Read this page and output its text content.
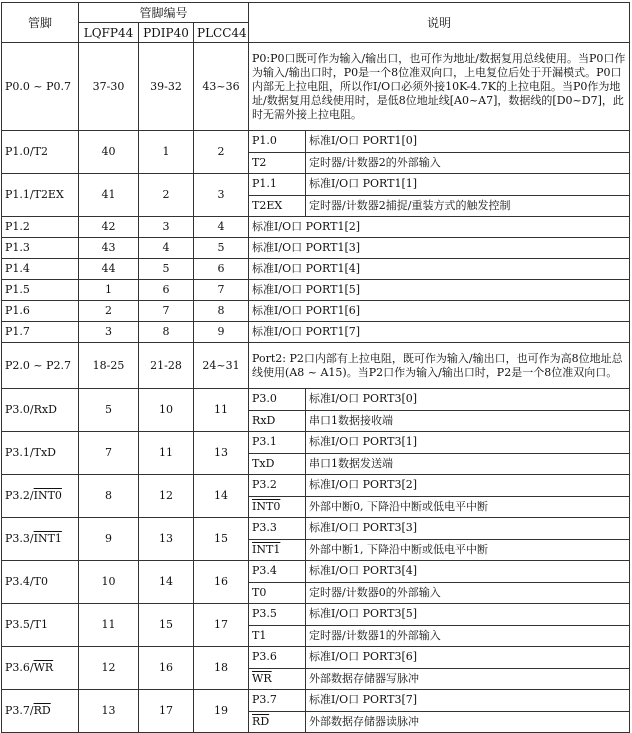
管脚	管脚编号			说明	
	LQFP44	PDIP40	PLCC44		
P0.0 ~ P0.7	37-30	39-32	43~36	P0:P0口既可作为输入/输出口，也可作为地址/数据复用总线使用。当P0口作为输入/输出口时，P0是一个8位准双向口，上电复位后处于开漏模式。P0口内部无上拉电阻，所以作I/O口必须外接10K-4.7K的上拉电阻。当P0作为地址/数据复用总线使用时，是低8位地址线[A0~A7]，数据线的[D0~D7]，此时无需外接上拉电阻。	
P1.0/T2	40	1	2	P1.0	标准I/O口 PORT1[0]
				T2	定时器/计数器2的外部输入
P1.1/T2EX	41	2	3	P1.1	标准I/O口 PORT1[1]
				T2EX	定时器/计数器2捕捉/重装方式的触发控制
P1.2	42	3	4	标准I/O口 PORT1[2]	
P1.3	43	4	5	标准I/O口 PORT1[3]	
P1.4	44	5	6	标准I/O口 PORT1[4]	
P1.5	1	6	7	标准I/O口 PORT1[5]	
P1.6	2	7	8	标准I/O口 PORT1[6]	
P1.7	3	8	9	标准I/O口 PORT1[7]	
P2.0 ~ P2.7	18-25	21-28	24~31	Port2: P2口内部有上拉电阻，既可作为输入/输出口，也可作为高8位地址总线使用(A8 ~ A15)。当P2口作为输入/输出口时，P2是一个8位准双向口。	
P3.0/RxD	5	10	11	P3.0	标准I/O口 PORT3[0]
				RxD	串口1数据接收端
P3.1/TxD	7	11	13	P3.1	标准I/O口 PORT3[1]
				TxD	串口1数据发送端
P3.2/INT0	8	12	14	P3.2	标准I/O口 PORT3[2]
				INT0	外部中断0, 下降沿中断或低电平中断
P3.3/INT1	9	13	15	P3.3	标准I/O口 PORT3[3]
				INT1	外部中断1, 下降沿中断或低电平中断
P3.4/T0	10	14	16	P3.4	标准I/O口 PORT3[4]
				T0	定时器/计数器0的外部输入
P3.5/T1	11	15	17	P3.5	标准I/O口 PORT3[5]
				T1	定时器/计数器1的外部输入
$P3.6/\overline{WR}$	12	16	18	P3.6	标准I/O口 PORT3[6]
				$\overline{WR}$	外部数据存储器写脉冲
$P3.7/\overline{RD}$	13	17	19	P3.7	标准I/O口 PORT3[7]
				$\overline{RD}$	外部数据存储器读脉冲
